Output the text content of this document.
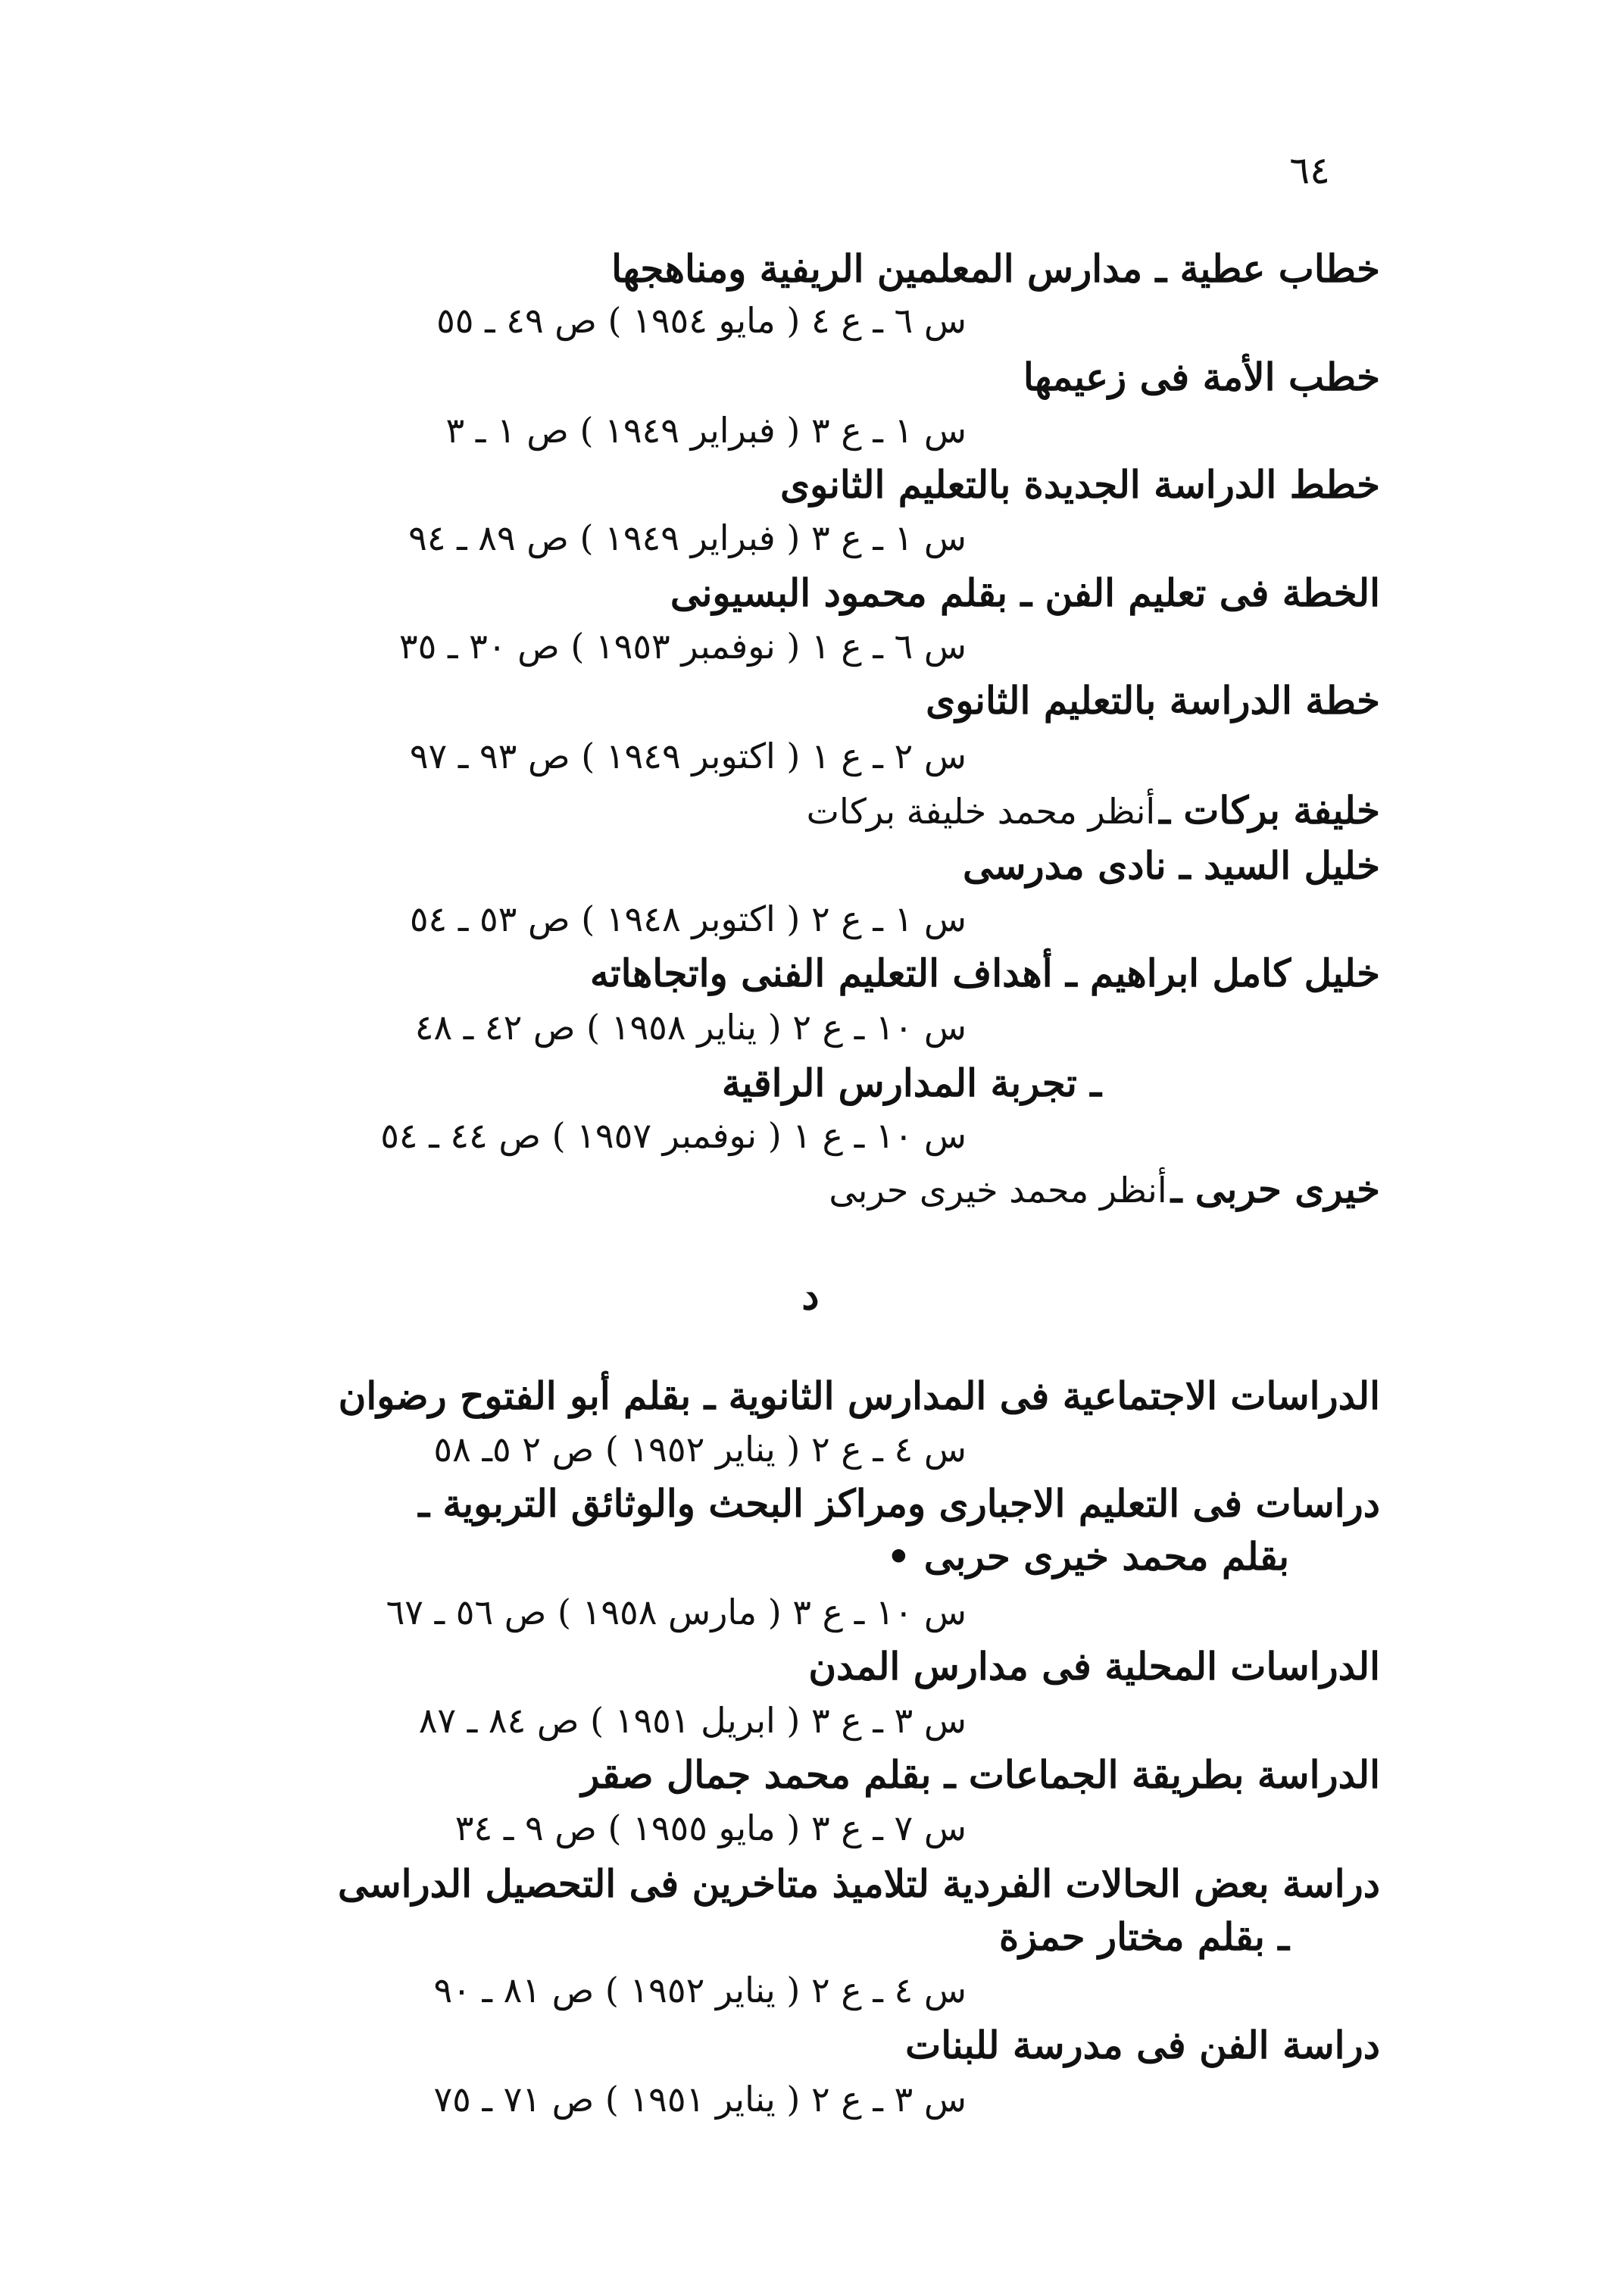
٦٤
خطاب عطية ـ مدارس المعلمين الريفية ومناهجها
س ٦ ـ ع ٤ ( مايو ١٩٥٤ ) ص ٤٩ ـ ٥٥
خطب الأمة فى زعيمها
س ١ ـ ع ٣ ( فبراير ١٩٤٩ ) ص ١ ـ ٣
خطط الدراسة الجديدة بالتعليم الثانوى
س ١ ـ ع ٣ ( فبراير ١٩٤٩ ) ص ٨٩ ـ ٩٤
الخطة فى تعليم الفن ـ بقلم محمود البسيونى
س ٦ ـ ع ١ ( نوفمبر ١٩٥٣ ) ص ٣٠ ـ ٣٥
خطة الدراسة بالتعليم الثانوى
س ٢ ـ ع ١ ( اكتوبر ١٩٤٩ ) ص ٩٣ ـ ٩٧
خليفة بركات ـ أنظر محمد خليفة بركات
خليل السيد ـ نادى مدرسى
س ١ ـ ع ٢ ( اكتوبر ١٩٤٨ ) ص ٥٣ ـ ٥٤
خليل كامل ابراهيم ـ أهداف التعليم الفنى واتجاهاته
س ١٠ ـ ع ٢ ( يناير ١٩٥٨ ) ص ٤٢ ـ ٤٨
ـ تجربة المدارس الراقية
س ١٠ ـ ع ١ ( نوفمبر ١٩٥٧ ) ص ٤٤ ـ ٥٤
خيرى حربى ـ أنظر محمد خيرى حربى
د
الدراسات الاجتماعية فى المدارس الثانوية ـ بقلم أبو الفتوح رضوان
س ٤ ـ ع ٢ ( يناير ١٩٥٢ ) ص ٢ ٥ـ ٥٨
دراسات فى التعليم الاجبارى ومراكز البحث والوثائق التربوية ـ
بقلم محمد خيرى حربى •
س ١٠ ـ ع ٣ ( مارس ١٩٥٨ ) ص ٥٦ ـ ٦٧
الدراسات المحلية فى مدارس المدن
س ٣ ـ ع ٣ ( ابريل ١٩٥١ ) ص ٨٤ ـ ٨٧
الدراسة بطريقة الجماعات ـ بقلم محمد جمال صقر
س ٧ ـ ع ٣ ( مايو ١٩٥٥ ) ص ٩ ـ ٣٤
دراسة بعض الحالات الفردية لتلاميذ متاخرين فى التحصيل الدراسى
ـ بقلم مختار حمزة
س ٤ ـ ع ٢ ( يناير ١٩٥٢ ) ص ٨١ ـ ٩٠
دراسة الفن فى مدرسة للبنات
س ٣ ـ ع ٢ ( يناير ١٩٥١ ) ص ٧١ ـ ٧٥
